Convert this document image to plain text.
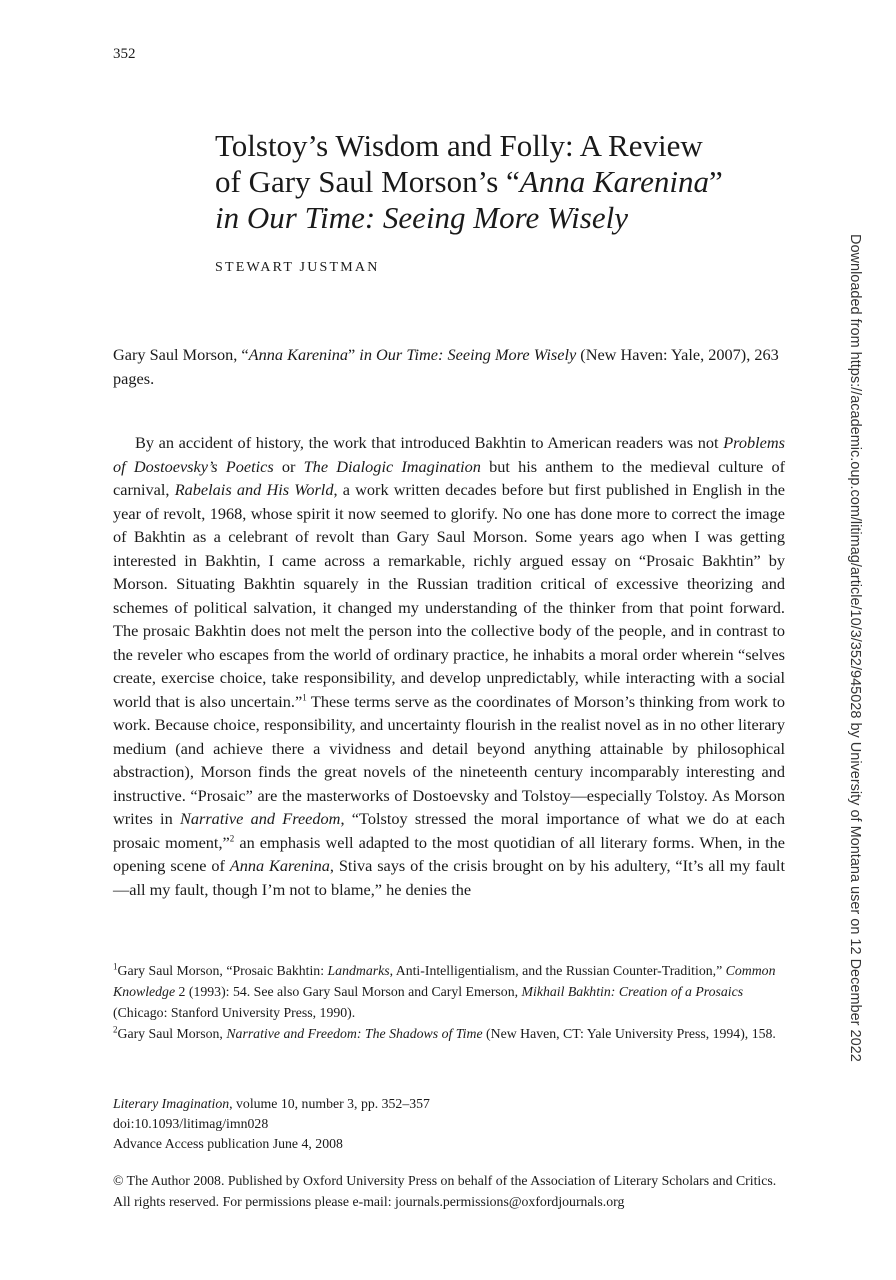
352
Tolstoy’s Wisdom and Folly: A Review
of Gary Saul Morson’s “Anna Karenina”
in Our Time: Seeing More Wisely
STEWART JUSTMAN

Gary Saul Morson, “Anna Karenina” in Our Time: Seeing More Wisely (New Haven: Yale, 2007), 263 pages.

By an accident of history, the work that introduced Bakhtin to American readers was not Problems of Dostoevsky’s Poetics or The Dialogic Imagination but his anthem to the medieval culture of carnival, Rabelais and His World, a work written decades before but first published in English in the year of revolt, 1968, whose spirit it now seemed to glorify. No one has done more to correct the image of Bakhtin as a celebrant of revolt than Gary Saul Morson. Some years ago when I was getting interested in Bakhtin, I came across a remarkable, richly argued essay on “Prosaic Bakhtin” by Morson. Situating Bakhtin squarely in the Russian tradition critical of excessive theorizing and schemes of political salvation, it changed my understanding of the thinker from that point forward. The prosaic Bakhtin does not melt the person into the collective body of the people, and in contrast to the reveler who escapes from the world of ordinary practice, he inhabits a moral order wherein “selves create, exercise choice, take responsibility, and develop unpredictably, while interacting with a social world that is also uncertain.”$^1$ These terms serve as the coordinates of Morson’s thinking from work to work. Because choice, responsibility, and uncertainty flourish in the realist novel as in no other literary medium (and achieve there a vividness and detail beyond anything attainable by philosophical abstraction), Morson finds the great novels of the nineteenth century incomparably interesting and instructive. “Prosaic” are the masterworks of Dostoevsky and Tolstoy—especially Tolstoy. As Morson writes in Narrative and Freedom, “Tolstoy stressed the moral importance of what we do at each prosaic moment,”$^2$ an emphasis well adapted to the most quotidian of all literary forms. When, in the opening scene of Anna Karenina, Stiva says of the crisis brought on by his adultery, “It’s all my fault—all my fault, though I’m not to blame,” he denies the

$^1$Gary Saul Morson, “Prosaic Bakhtin: Landmarks, Anti-Intelligentialism, and the Russian Counter-Tradition,” Common Knowledge 2 (1993): 54. See also Gary Saul Morson and Caryl Emerson, Mikhail Bakhtin: Creation of a Prosaics (Chicago: Stanford University Press, 1990).

$^2$Gary Saul Morson, Narrative and Freedom: The Shadows of Time (New Haven, CT: Yale University Press, 1994), 158.

Literary Imagination, volume 10, number 3, pp. 352–357
doi:10.1093/litimag/imn028
Advance Access publication June 4, 2008

© The Author 2008. Published by Oxford University Press on behalf of the Association of Literary Scholars and Critics. All rights reserved. For permissions please e-mail: journals.permissions@oxfordjournals.org

Downloaded from https://academic.oup.com/litimag/article/10/3/352/945028 by University of Montana user on 12 December 2022
